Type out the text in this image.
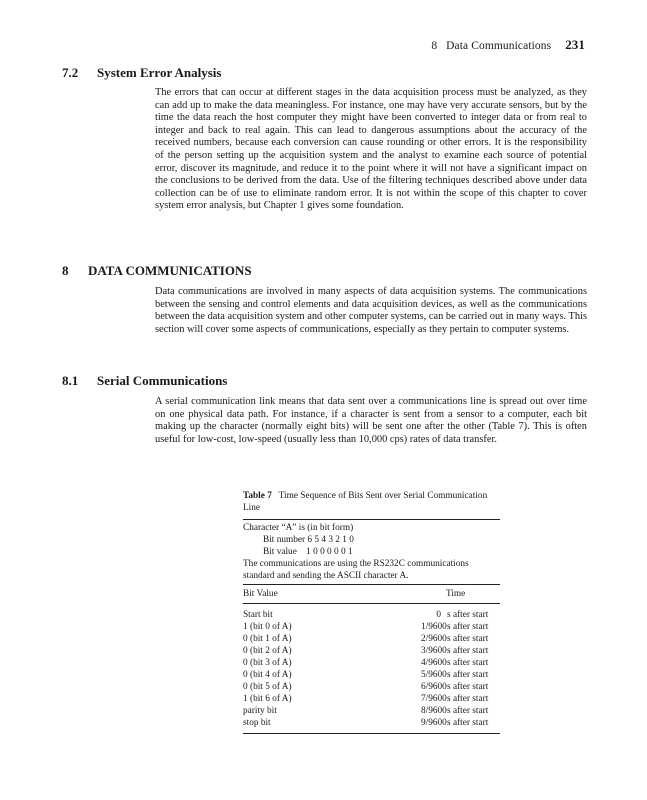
8   Data Communications 231
7.2 System Error Analysis

The errors that can occur at different stages in the data acquisition process must be analyzed, as they can add up to make the data meaningless. For instance, one may have very accurate sensors, but by the time the data reach the host computer they might have been converted to integer data or from real to integer and back to real again. This can lead to dangerous assumptions about the accuracy of the received numbers, because each conversion can cause rounding or other errors. It is the responsibility of the person setting up the acquisition system and the analyst to examine each source of potential error, discover its magnitude, and reduce it to the point where it will not have a significant impact on the conclusions to be derived from the data. Use of the filtering techniques described above under data collection can be of use to eliminate random error. It is not within the scope of this chapter to cover system error analysis, but Chapter 1 gives some foundation.

8 DATA COMMUNICATIONS

Data communications are involved in many aspects of data acquisition systems. The communications between the sensing and control elements and data acquisition devices, as well as the communications between the data acquisition system and other computer systems, can be carried out in many ways. This section will cover some aspects of communications, especially as they pertain to computer systems.

8.1 Serial Communications

A serial communication link means that data sent over a communications line is spread out over time on one physical data path. For instance, if a character is sent from a sensor to a computer, each bit making up the character (normally eight bits) will be sent one after the other (Table 7). This is often useful for low-cost, low-speed (usually less than 10,000 cps) rates of data transfer.

Table 7 Time Sequence of Bits Sent over Serial Communication Line

Character “A” is (in bit form)
Bit number 6 5 4 3 2 1 0
Bit value    1 0 0 0 0 0 1
The communications are using the RS232C communications standard and sending the ASCII character A.
Bit Value	Time
Start bit	0 s after start
1 (bit 0 of A)	1/9600 s after start
0 (bit 1 of A)	2/9600 s after start
0 (bit 2 of A)	3/9600 s after start
0 (bit 3 of A)	4/9600 s after start
0 (bit 4 of A)	5/9600 s after start
0 (bit 5 of A)	6/9600 s after start
1 (bit 6 of A)	7/9600 s after start
parity bit	8/9600 s after start
stop bit	9/9600 s after start
